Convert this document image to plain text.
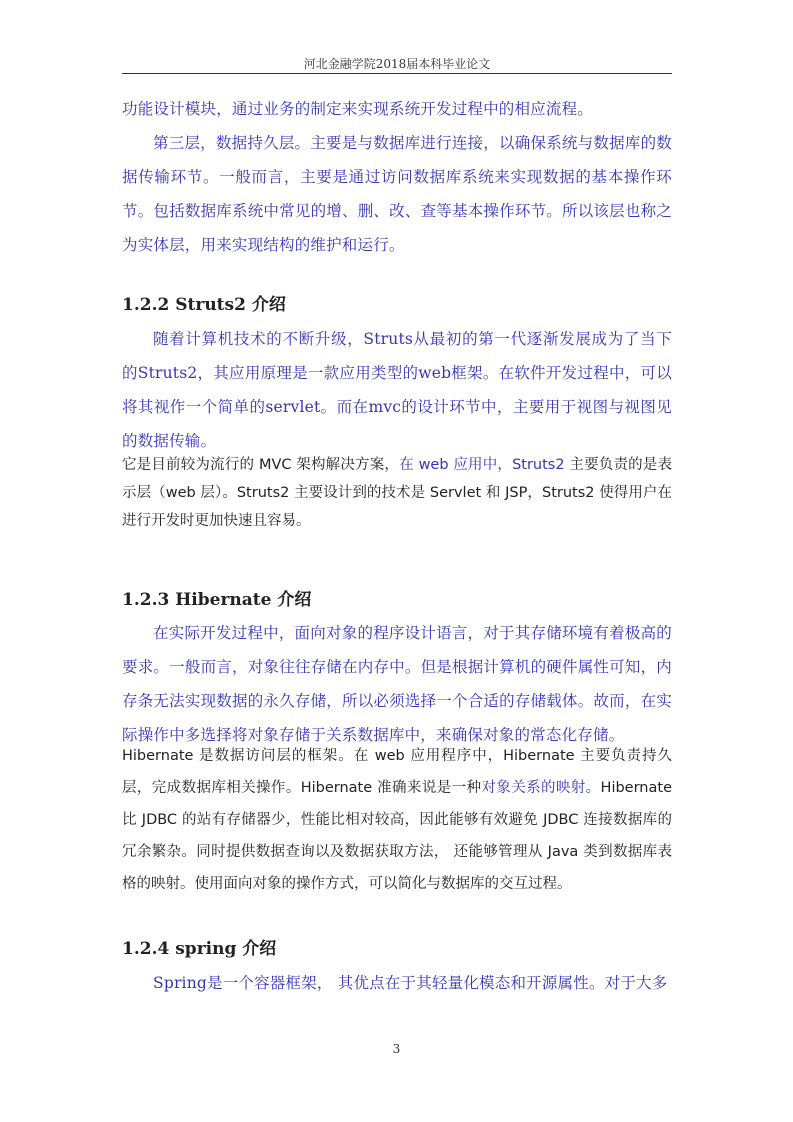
河北金融学院2018届本科毕业论文

功能设计模块，通过业务的制定来实现系统开发过程中的相应流程。

第三层，数据持久层。主要是与数据库进行连接，以确保系统与数据库的数据传输环节。一般而言，主要是通过访问数据库系统来实现数据的基本操作环节。包括数据库系统中常见的增、删、改、查等基本操作环节。所以该层也称之为实体层，用来实现结构的维护和运行。

1.2.2 Struts2 介绍

随着计算机技术的不断升级，Struts从最初的第一代逐渐发展成为了当下的Struts2，其应用原理是一款应用类型的web框架。在软件开发过程中，可以将其视作一个简单的servlet。而在mvc的设计环节中，主要用于视图与视图见的数据传输。

它是目前较为流行的 MVC 架构解决方案，在 web 应用中，Struts2 主要负责的是表示层（web 层）。Struts2 主要设计到的技术是 Servlet 和 JSP，Struts2 使得用户在进行开发时更加快速且容易。

1.2.3 Hibernate 介绍

在实际开发过程中，面向对象的程序设计语言，对于其存储环境有着极高的要求。一般而言，对象往往存储在内存中。但是根据计算机的硬件属性可知，内存条无法实现数据的永久存储，所以必须选择一个合适的存储载体。故而，在实际操作中多选择将对象存储于关系数据库中，来确保对象的常态化存储。

Hibernate 是数据访问层的框架。在 web 应用程序中，Hibernate 主要负责持久层，完成数据库相关操作。Hibernate 准确来说是一种对象关系的映射。Hibernate 比 JDBC 的站有存储器少，性能比相对较高，因此能够有效避免 JDBC 连接数据库的冗余繁杂。同时提供数据查询以及数据获取方法， 还能够管理从 Java 类到数据库表格的映射。使用面向对象的操作方式，可以简化与数据库的交互过程。

1.2.4 spring 介绍

Spring是一个容器框架， 其优点在于其轻量化模态和开源属性。对于大多

3
